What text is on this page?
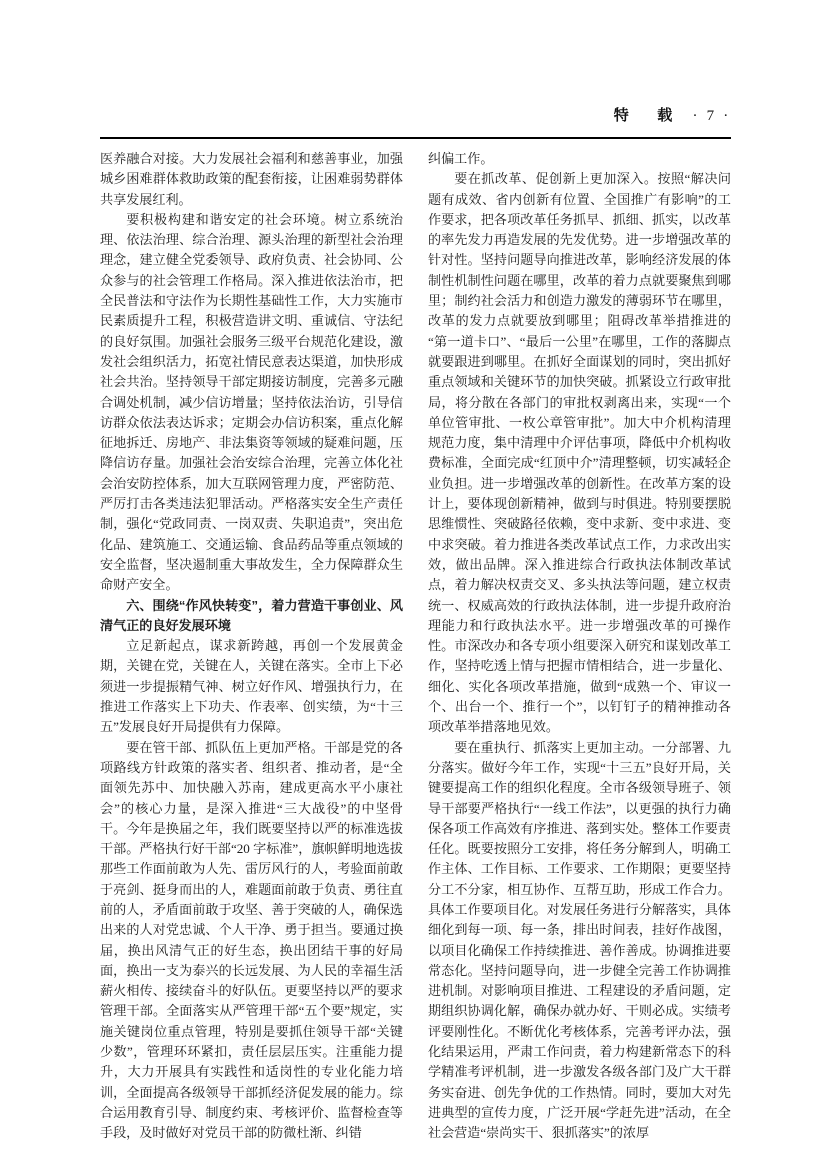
特　载 · 7 ·

医养融合对接。大力发展社会福利和慈善事业，加强城乡困难群体救助政策的配套衔接，让困难弱势群体共享发展红利。

要积极构建和谐安定的社会环境。树立系统治理、依法治理、综合治理、源头治理的新型社会治理理念，建立健全党委领导、政府负责、社会协同、公众参与的社会管理工作格局。深入推进依法治市，把全民普法和守法作为长期性基础性工作，大力实施市民素质提升工程，积极营造讲文明、重诚信、守法纪的良好氛围。加强社会服务三级平台规范化建设，激发社会组织活力，拓宽社情民意表达渠道，加快形成社会共治。坚持领导干部定期接访制度，完善多元融合调处机制，减少信访增量；坚持依法治访，引导信访群众依法表达诉求；定期会办信访积案，重点化解征地拆迁、房地产、非法集资等领域的疑难问题，压降信访存量。加强社会治安综合治理，完善立体化社会治安防控体系，加大互联网管理力度，严密防范、严厉打击各类违法犯罪活动。严格落实安全生产责任制，强化“党政同责、一岗双责、失职追责”，突出危化品、建筑施工、交通运输、食品药品等重点领域的安全监督，坚决遏制重大事故发生，全力保障群众生命财产安全。

六、围绕“作风快转变”，着力营造干事创业、风清气正的良好发展环境

立足新起点，谋求新跨越，再创一个发展黄金期，关键在党，关键在人，关键在落实。全市上下必须进一步提振精气神、树立好作风、增强执行力，在推进工作落实上下功夫、作表率、创实绩，为“十三五”发展良好开局提供有力保障。

要在管干部、抓队伍上更加严格。干部是党的各项路线方针政策的落实者、组织者、推动者，是“全面领先苏中、加快融入苏南，建成更高水平小康社会”的核心力量，是深入推进“三大战役”的中坚骨干。今年是换届之年，我们既要坚持以严的标准选拔干部。严格执行好干部“20 字标准”，旗帜鲜明地选拔那些工作面前敢为人先、雷厉风行的人，考验面前敢于亮剑、挺身而出的人，难题面前敢于负责、勇往直前的人，矛盾面前敢于攻坚、善于突破的人，确保选出来的人对党忠诚、个人干净、勇于担当。要通过换届，换出风清气正的好生态，换出团结干事的好局面，换出一支为泰兴的长远发展、为人民的幸福生活薪火相传、接续奋斗的好队伍。更要坚持以严的要求管理干部。全面落实从严管理干部“五个要”规定，实施关键岗位重点管理，特别是要抓住领导干部“关键少数”，管理环环紧扣，责任层层压实。注重能力提升，大力开展具有实践性和适岗性的专业化能力培训，全面提高各级领导干部抓经济促发展的能力。综合运用教育引导、制度约束、考核评价、监督检查等手段，及时做好对党员干部的防微杜渐、纠错

纠偏工作。

要在抓改革、促创新上更加深入。按照“解决问题有成效、省内创新有位置、全国推广有影响”的工作要求，把各项改革任务抓早、抓细、抓实，以改革的率先发力再造发展的先发优势。进一步增强改革的针对性。坚持问题导向推进改革，影响经济发展的体制性机制性问题在哪里，改革的着力点就要聚焦到哪里；制约社会活力和创造力激发的薄弱环节在哪里，改革的发力点就要放到哪里；阻碍改革举措推进的“第一道卡口”、“最后一公里”在哪里，工作的落脚点就要跟进到哪里。在抓好全面谋划的同时，突出抓好重点领域和关键环节的加快突破。抓紧设立行政审批局，将分散在各部门的审批权剥离出来，实现“一个单位管审批、一枚公章管审批”。加大中介机构清理规范力度，集中清理中介评估事项，降低中介机构收费标准，全面完成“红顶中介”清理整顿，切实减轻企业负担。进一步增强改革的创新性。在改革方案的设计上，要体现创新精神，做到与时俱进。特别要摆脱思维惯性、突破路径依赖，变中求新、变中求进、变中求突破。着力推进各类改革试点工作，力求改出实效，做出品牌。深入推进综合行政执法体制改革试点，着力解决权责交叉、多头执法等问题，建立权责统一、权威高效的行政执法体制，进一步提升政府治理能力和行政执法水平。进一步增强改革的可操作性。市深改办和各专项小组要深入研究和谋划改革工作，坚持吃透上情与把握市情相结合，进一步量化、细化、实化各项改革措施，做到“成熟一个、审议一个、出台一个、推行一个”，以钉钉子的精神推动各项改革举措落地见效。

要在重执行、抓落实上更加主动。一分部署、九分落实。做好今年工作，实现“十三五”良好开局，关键要提高工作的组织化程度。全市各级领导班子、领导干部要严格执行“一线工作法”，以更强的执行力确保各项工作高效有序推进、落到实处。整体工作要责任化。既要按照分工安排，将任务分解到人，明确工作主体、工作目标、工作要求、工作期限；更要坚持分工不分家，相互协作、互帮互助，形成工作合力。具体工作要项目化。对发展任务进行分解落实，具体细化到每一项、每一条，排出时间表，挂好作战图，以项目化确保工作持续推进、善作善成。协调推进要常态化。坚持问题导向，进一步健全完善工作协调推进机制。对影响项目推进、工程建设的矛盾问题，定期组织协调化解，确保办就办好、干则必成。实绩考评要刚性化。不断优化考核体系，完善考评办法，强化结果运用，严肃工作问责，着力构建新常态下的科学精准考评机制，进一步激发各级各部门及广大干群务实奋进、创先争优的工作热情。同时，要加大对先进典型的宣传力度，广泛开展“学赶先进”活动，在全社会营造“崇尚实干、狠抓落实”的浓厚
